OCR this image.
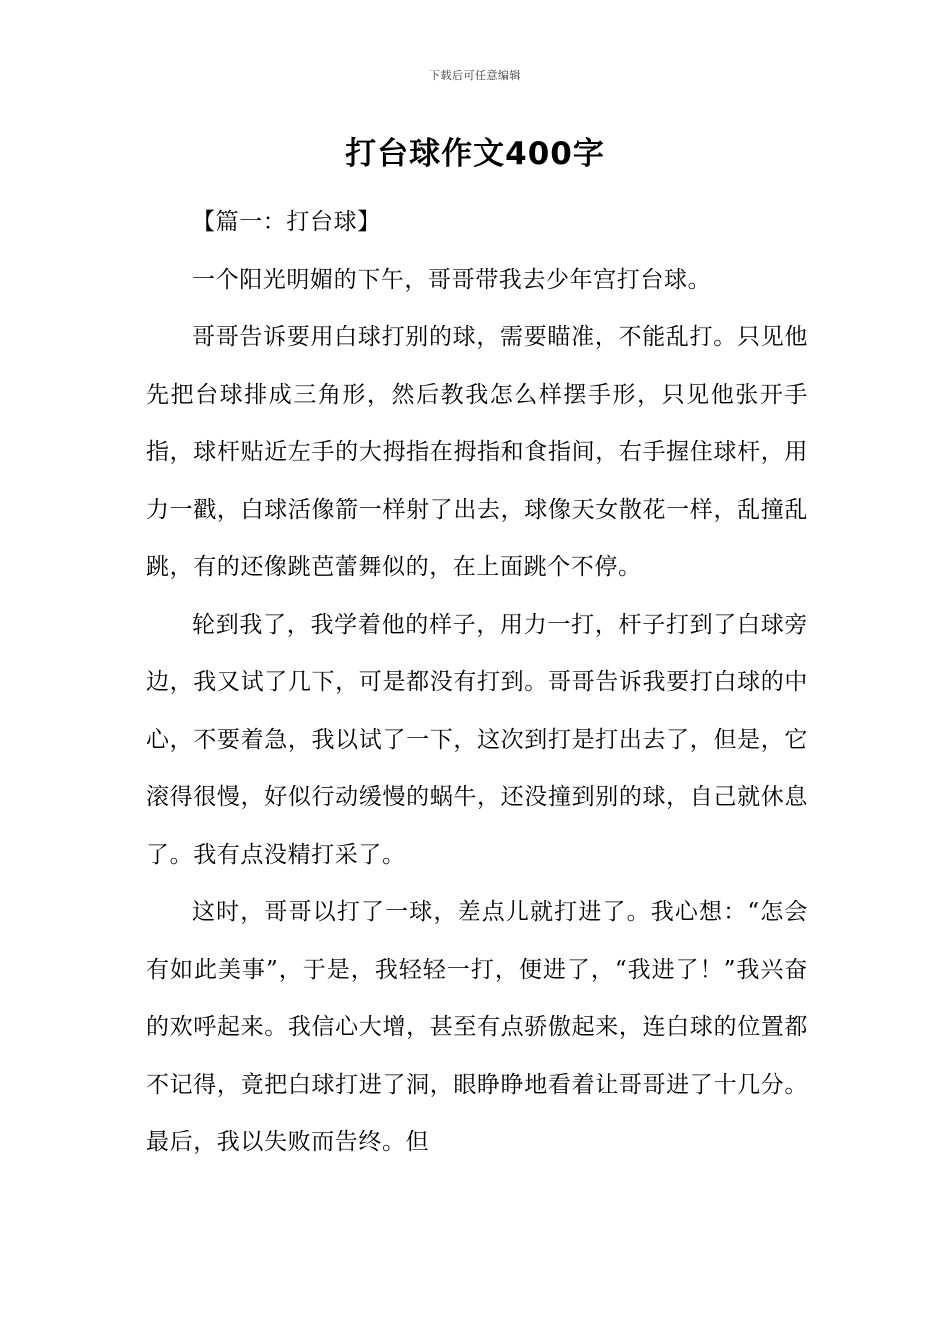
下载后可任意编辑
打台球作文400字

【篇一：打台球】

一个阳光明媚的下午，哥哥带我去少年宫打台球。

哥哥告诉要用白球打别的球，需要瞄准，不能乱打。只见他先把台球排成三角形，然后教我怎么样摆手形，只见他张开手指，球杆贴近左手的大拇指在拇指和食指间，右手握住球杆，用力一戳，白球活像箭一样射了出去，球像天女散花一样，乱撞乱跳，有的还像跳芭蕾舞似的，在上面跳个不停。

轮到我了，我学着他的样子，用力一打，杆子打到了白球旁边，我又试了几下，可是都没有打到。哥哥告诉我要打白球的中心，不要着急，我以试了一下，这次到打是打出去了，但是，它滚得很慢，好似行动缓慢的蜗牛，还没撞到别的球，自己就休息了。我有点没精打采了。

这时，哥哥以打了一球，差点儿就打进了。我心想：“怎会有如此美事”，于是，我轻轻一打，便进了，“我进了！”我兴奋的欢呼起来。我信心大增，甚至有点骄傲起来，连白球的位置都不记得，竟把白球打进了洞，眼睁睁地看着让哥哥进了十几分。最后，我以失败而告终。但
